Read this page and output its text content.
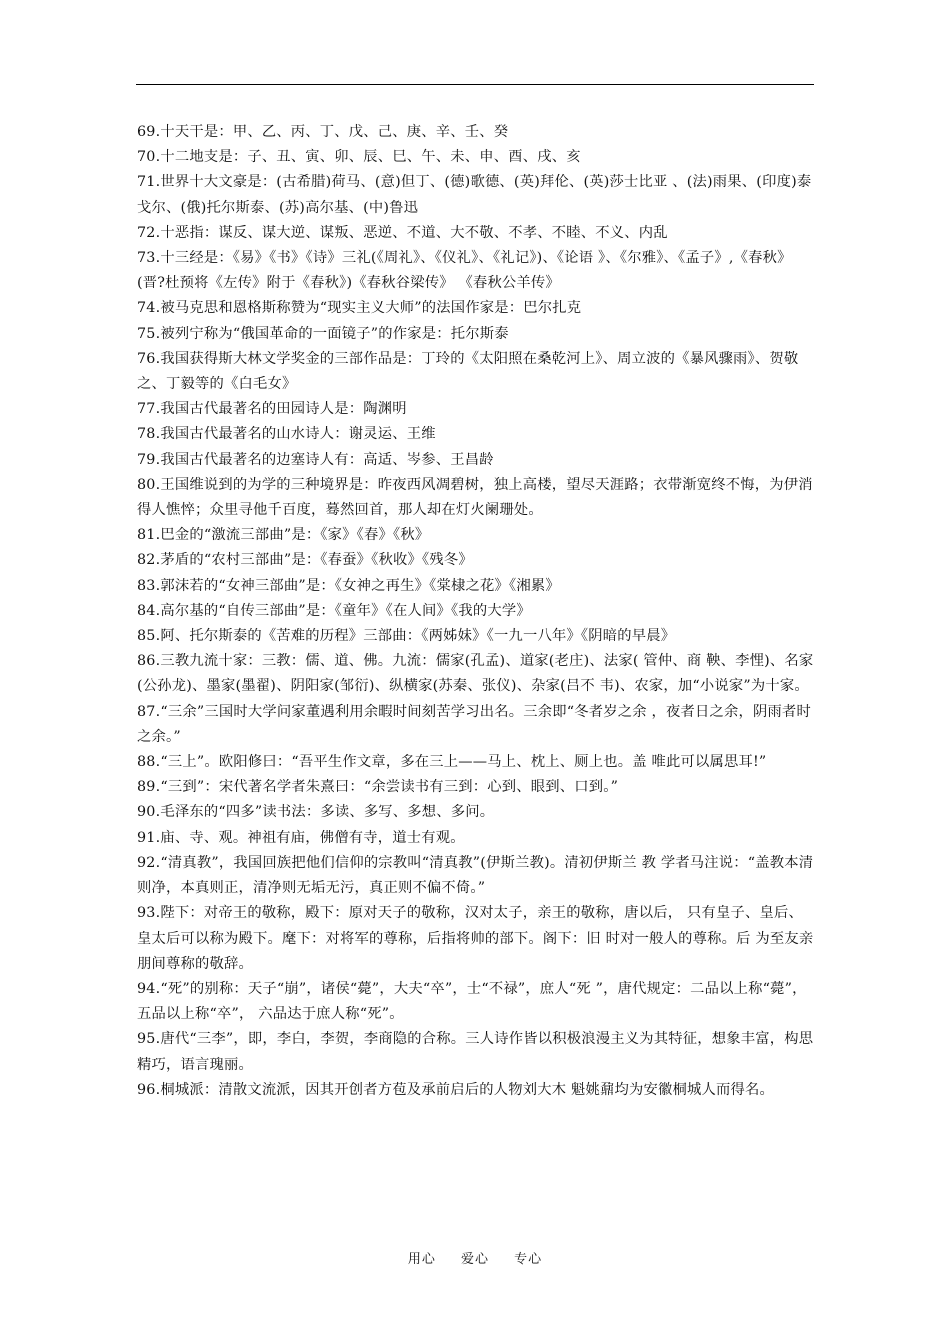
69.十天干是：甲、乙、丙、丁、戊、己、庚、辛、壬、癸

70.十二地支是：子、丑、寅、卯、辰、巳、午、未、申、酉、戌、亥

71.世界十大文豪是：(古希腊)荷马、(意)但丁、(德)歌德、(英)拜伦、(英)莎士比亚 、(法)雨果、(印度)泰戈尔、(俄)托尔斯泰、(苏)高尔基、(中)鲁迅

72.十恶指：谋反、谋大逆、谋叛、恶逆、不道、大不敬、不孝、不睦、不义、内乱

73.十三经是：《易》《书》《诗》三礼(《周礼》、《仪礼》、《礼记》)、《论语 》、《尔雅》、《孟子》,《春秋》(晋?杜预将《左传》附于《春秋》)《春秋谷梁传》 《春秋公羊传》

74.被马克思和恩格斯称赞为“现实主义大师”的法国作家是：巴尔扎克

75.被列宁称为“俄国革命的一面镜子”的作家是：托尔斯泰

76.我国获得斯大林文学奖金的三部作品是：丁玲的《太阳照在桑乾河上》、周立波的《暴风骤雨》、贺敬之、丁毅等的《白毛女》

77.我国古代最著名的田园诗人是：陶渊明

78.我国古代最著名的山水诗人：谢灵运、王维

79.我国古代最著名的边塞诗人有：高适、岑参、王昌龄

80.王国维说到的为学的三种境界是：昨夜西风凋碧树，独上高楼，望尽天涯路；衣带渐宽终不悔，为伊消得人憔悴；众里寻他千百度，蓦然回首，那人却在灯火阑珊处。

81.巴金的“激流三部曲”是：《家》《春》《秋》

82.茅盾的“农村三部曲”是：《春蚕》《秋收》《残冬》

83.郭沫若的“女神三部曲”是：《女神之再生》《棠棣之花》《湘累》

84.高尔基的“自传三部曲”是：《童年》《在人间》《我的大学》

85.阿、托尔斯泰的《苦难的历程》三部曲：《两姊妹》《一九一八年》《阴暗的早晨》

86.三教九流十家：三教：儒、道、佛。九流：儒家(孔孟)、道家(老庄)、法家( 管仲、商 鞅、李悝)、名家(公孙龙)、墨家(墨翟)、阴阳家(邹衍)、纵横家(苏秦、张仪)、杂家(吕不 韦)、农家，加“小说家”为十家。

87.“三余”三国时大学问家董遇利用余暇时间刻苦学习出名。三余即“冬者岁之余 ，夜者日之余，阴雨者时之余。”

88.“三上”。欧阳修曰：“吾平生作文章，多在三上——马上、枕上、厕上也。盖 唯此可以属思耳!”

89.“三到”：宋代著名学者朱熹曰：“余尝读书有三到：心到、眼到、口到。”

90.毛泽东的“四多”读书法：多读、多写、多想、多问。

91.庙、寺、观。神祖有庙，佛僧有寺，道士有观。

92.“清真教”，我国回族把他们信仰的宗教叫“清真教”(伊斯兰教)。清初伊斯兰 教 学者马注说：“盖教本清则净，本真则正，清净则无垢无污，真正则不偏不倚。”

93.陛下：对帝王的敬称，殿下：原对天子的敬称，汉对太子，亲王的敬称，唐以后， 只有皇子、皇后、皇太后可以称为殿下。麾下：对将军的尊称，后指将帅的部下。阁下：旧 时对一般人的尊称。后 为至友亲朋间尊称的敬辞。

94.“死”的别称：天子“崩”，诸侯“薨”，大夫“卒”，士“不禄”，庶人“死 ”，唐代规定：二品以上称“薨”， 五品以上称“卒”， 六品达于庶人称“死”。

95.唐代“三李”，即，李白，李贺，李商隐的合称。三人诗作皆以积极浪漫主义为其特征，想象丰富，构思精巧，语言瑰丽。

96.桐城派：清散文流派，因其开创者方苞及承前启后的人物刘大木 魁姚鼐均为安徽桐城人而得名。

用心 爱心 专心
